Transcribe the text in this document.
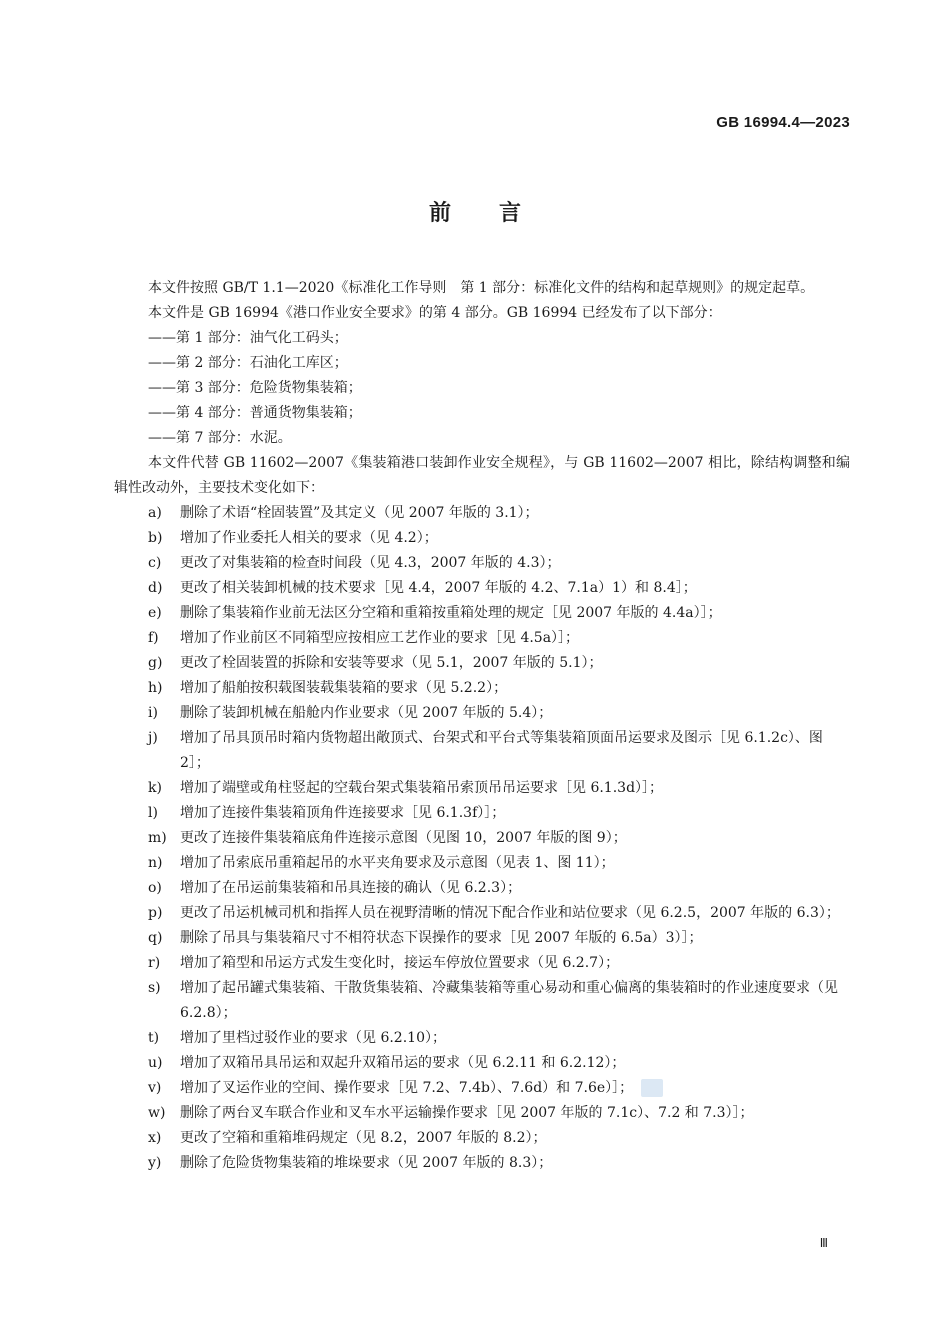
GB 16994.4—2023
前言

本文件按照 GB/T 1.1—2020《标准化工作导则　第 1 部分：标准化文件的结构和起草规则》的规定起草。

本文件是 GB 16994《港口作业安全要求》的第 4 部分。GB 16994 已经发布了以下部分：

——第 1 部分：油气化工码头；
——第 2 部分：石油化工库区；
——第 3 部分：危险货物集装箱；
——第 4 部分：普通货物集装箱；
——第 7 部分：水泥。

本文件代替 GB 11602—2007《集装箱港口装卸作业安全规程》，与 GB 11602—2007 相比，除结构调整和编辑性改动外，主要技术变化如下：

a) 删除了术语“栓固装置”及其定义（见 2007 年版的 3.1）；
b) 增加了作业委托人相关的要求（见 4.2）；
c) 更改了对集装箱的检查时间段（见 4.3，2007 年版的 4.3）；
d) 更改了相关装卸机械的技术要求［见 4.4，2007 年版的 4.2、7.1a）1）和 8.4］；
e) 删除了集装箱作业前无法区分空箱和重箱按重箱处理的规定［见 2007 年版的 4.4a）］；
f) 增加了作业前区不同箱型应按相应工艺作业的要求［见 4.5a）］；
g) 更改了栓固装置的拆除和安装等要求（见 5.1，2007 年版的 5.1）；
h) 增加了船舶按积载图装载集装箱的要求（见 5.2.2）；
i) 删除了装卸机械在船舱内作业要求（见 2007 年版的 5.4）；
j) 增加了吊具顶吊时箱内货物超出敞顶式、台架式和平台式等集装箱顶面吊运要求及图示［见 6.1.2c）、图 2］；
k) 增加了端壁或角柱竖起的空载台架式集装箱吊索顶吊吊运要求［见 6.1.3d）］；
l) 增加了连接件集装箱顶角件连接要求［见 6.1.3f）］；
m) 更改了连接件集装箱底角件连接示意图（见图 10，2007 年版的图 9）；
n) 增加了吊索底吊重箱起吊的水平夹角要求及示意图（见表 1、图 11）；
o) 增加了在吊运前集装箱和吊具连接的确认（见 6.2.3）；
p) 更改了吊运机械司机和指挥人员在视野清晰的情况下配合作业和站位要求（见 6.2.5，2007 年版的 6.3）；
q) 删除了吊具与集装箱尺寸不相符状态下误操作的要求［见 2007 年版的 6.5a）3）］；
r) 增加了箱型和吊运方式发生变化时，接运车停放位置要求（见 6.2.7）；
s) 增加了起吊罐式集装箱、干散货集装箱、冷藏集装箱等重心易动和重心偏离的集装箱时的作业速度要求（见 6.2.8）；
t) 增加了里档过驳作业的要求（见 6.2.10）；
u) 增加了双箱吊具吊运和双起升双箱吊运的要求（见 6.2.11 和 6.2.12）；
v) 增加了叉运作业的空间、操作要求［见 7.2、7.4b）、7.6d）和 7.6e）］；
w) 删除了两台叉车联合作业和叉车水平运输操作要求［见 2007 年版的 7.1c）、7.2 和 7.3）］；
x) 更改了空箱和重箱堆码规定（见 8.2，2007 年版的 8.2）；
y) 删除了危险货物集装箱的堆垛要求（见 2007 年版的 8.3）；
Ⅲ
